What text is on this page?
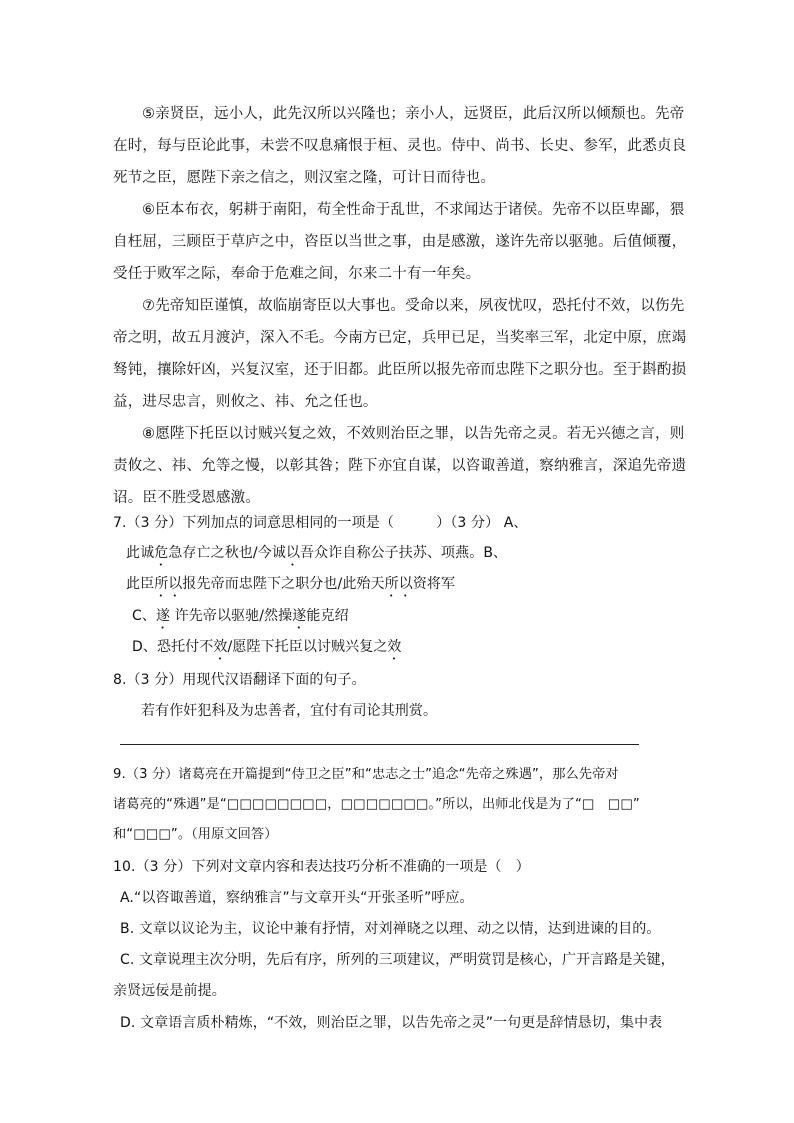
⑤亲贤臣，远小人，此先汉所以兴隆也；亲小人，远贤臣，此后汉所以倾颓也。先帝在时，每与臣论此事，未尝不叹息痛恨于桓、灵也。侍中、尚书、长史、参军，此悉贞良死节之臣，愿陛下亲之信之，则汉室之隆，可计日而待也。

⑥臣本布衣，躬耕于南阳，苟全性命于乱世，不求闻达于诸侯。先帝不以臣卑鄙，猥自枉屈，三顾臣于草庐之中，咨臣以当世之事，由是感激，遂许先帝以驱驰。后值倾覆，受任于败军之际，奉命于危难之间，尔来二十有一年矣。

⑦先帝知臣谨慎，故临崩寄臣以大事也。受命以来，夙夜忧叹，恐托付不效，以伤先帝之明，故五月渡泸，深入不毛。今南方已定，兵甲已足，当奖率三军，北定中原，庶竭驽钝，攘除奸凶，兴复汉室，还于旧都。此臣所以报先帝而忠陛下之职分也。至于斟酌损益，进尽忠言，则攸之、祎、允之任也。

⑧愿陛下托臣以讨贼兴复之效，不效则治臣之罪，以告先帝之灵。若无兴德之言，则责攸之、祎、允等之慢，以彰其咎；陛下亦宜自谋，以咨诹善道，察纳雅言，深追先帝遗诏。臣不胜受恩感激。

7.（3 分）下列加点的词意思相同的一项是（　　　）（3 分） A、
此诚危急存亡之秋也/今诚以吾众诈自称公子扶苏、项燕。B、
此臣所以报先帝而忠陛下之职分也/此殆天所以资将军
C、遂 许先帝以驱驰/然操遂能克绍
D、恐托付不效/愿陛下托臣以讨贼兴复之效
8.（3 分）用现代汉语翻译下面的句子。
若有作奸犯科及为忠善者，宜付有司论其刑赏。
9.（3 分）诸葛亮在开篇提到“侍卫之臣”和“忠志之士”追念“先帝之殊遇”，那么先帝对
诸葛亮的“殊遇”是“□□□□□□□□，□□□□□□□。”所以，出师北伐是为了“□　□□”
和“□□□”。（用原文回答）
10.（3 分）下列对文章内容和表达技巧分析不准确的一项是（　）
A.“以咨诹善道，察纳雅言”与文章开头“开张圣听”呼应。
B. 文章以议论为主，议论中兼有抒情，对刘禅晓之以理、动之以情，达到进谏的目的。
C. 文章说理主次分明，先后有序，所列的三项建议，严明赏罚是核心，广开言路是关键，
亲贤远佞是前提。
D. 文章语言质朴精炼，“不效，则治臣之罪，以告先帝之灵”一句更是辞情恳切，集中表
